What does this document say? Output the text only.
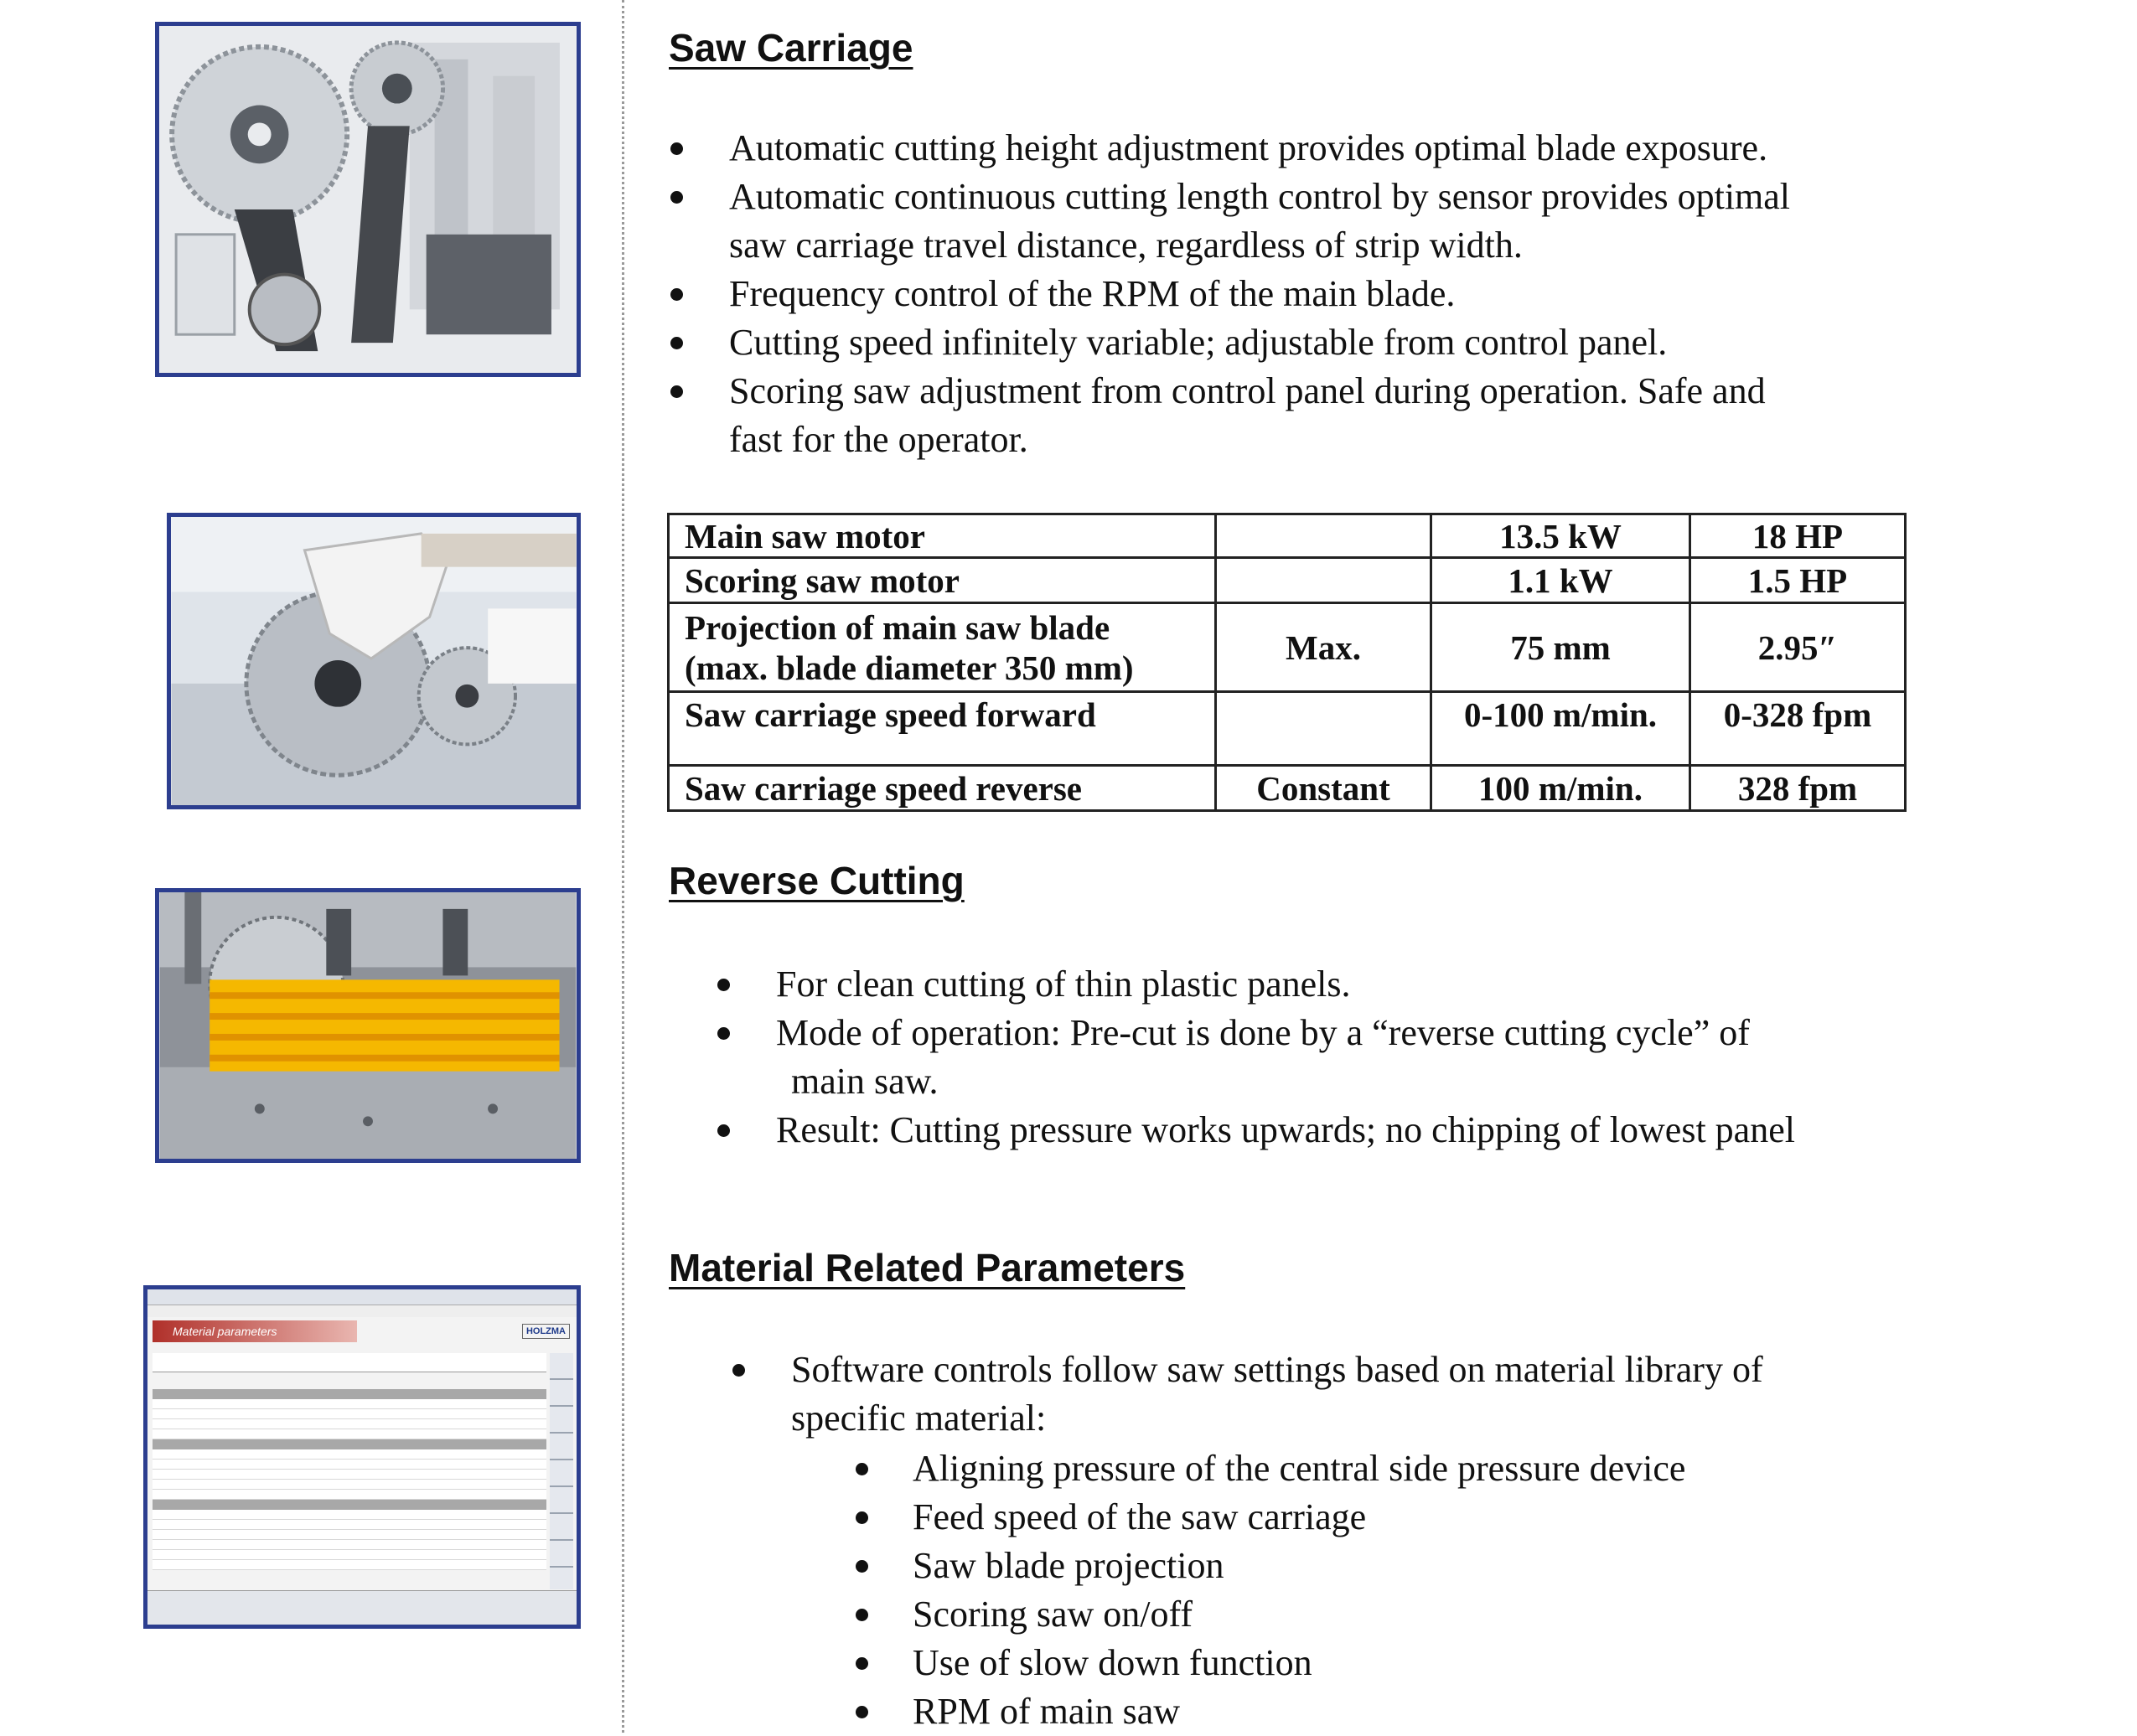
Material parameters	HOLZMA
Saw Carriage
Automatic cutting height adjustment provides optimal blade exposure.
Automatic continuous cutting length control by sensor provides optimal
saw carriage travel distance, regardless of strip width.
Frequency control of the RPM of the main blade.
Cutting speed infinitely variable; adjustable from control panel.
Scoring saw adjustment from control panel during operation. Safe and
fast for the operator.
Main saw motor		13.5 kW	18 HP
Scoring saw motor		1.1 kW	1.5 HP
Projection of main saw blade
(max. blade diameter 350 mm)	Max.	75 mm	2.95″
Saw carriage speed forward		0-100 m/min.	0-328 fpm
Saw carriage speed reverse	Constant	100 m/min.	328 fpm
Reverse Cutting
For clean cutting of thin plastic panels.
Mode of operation: Pre-cut is done by a “reverse cutting cycle” of
main saw.
Result: Cutting pressure works upwards; no chipping of lowest panel
Material Related Parameters
Software controls follow saw settings based on material library of
specific material:
Aligning pressure of the central side pressure device
Feed speed of the saw carriage
Saw blade projection
Scoring saw on/off
Use of slow down function
RPM of main saw
